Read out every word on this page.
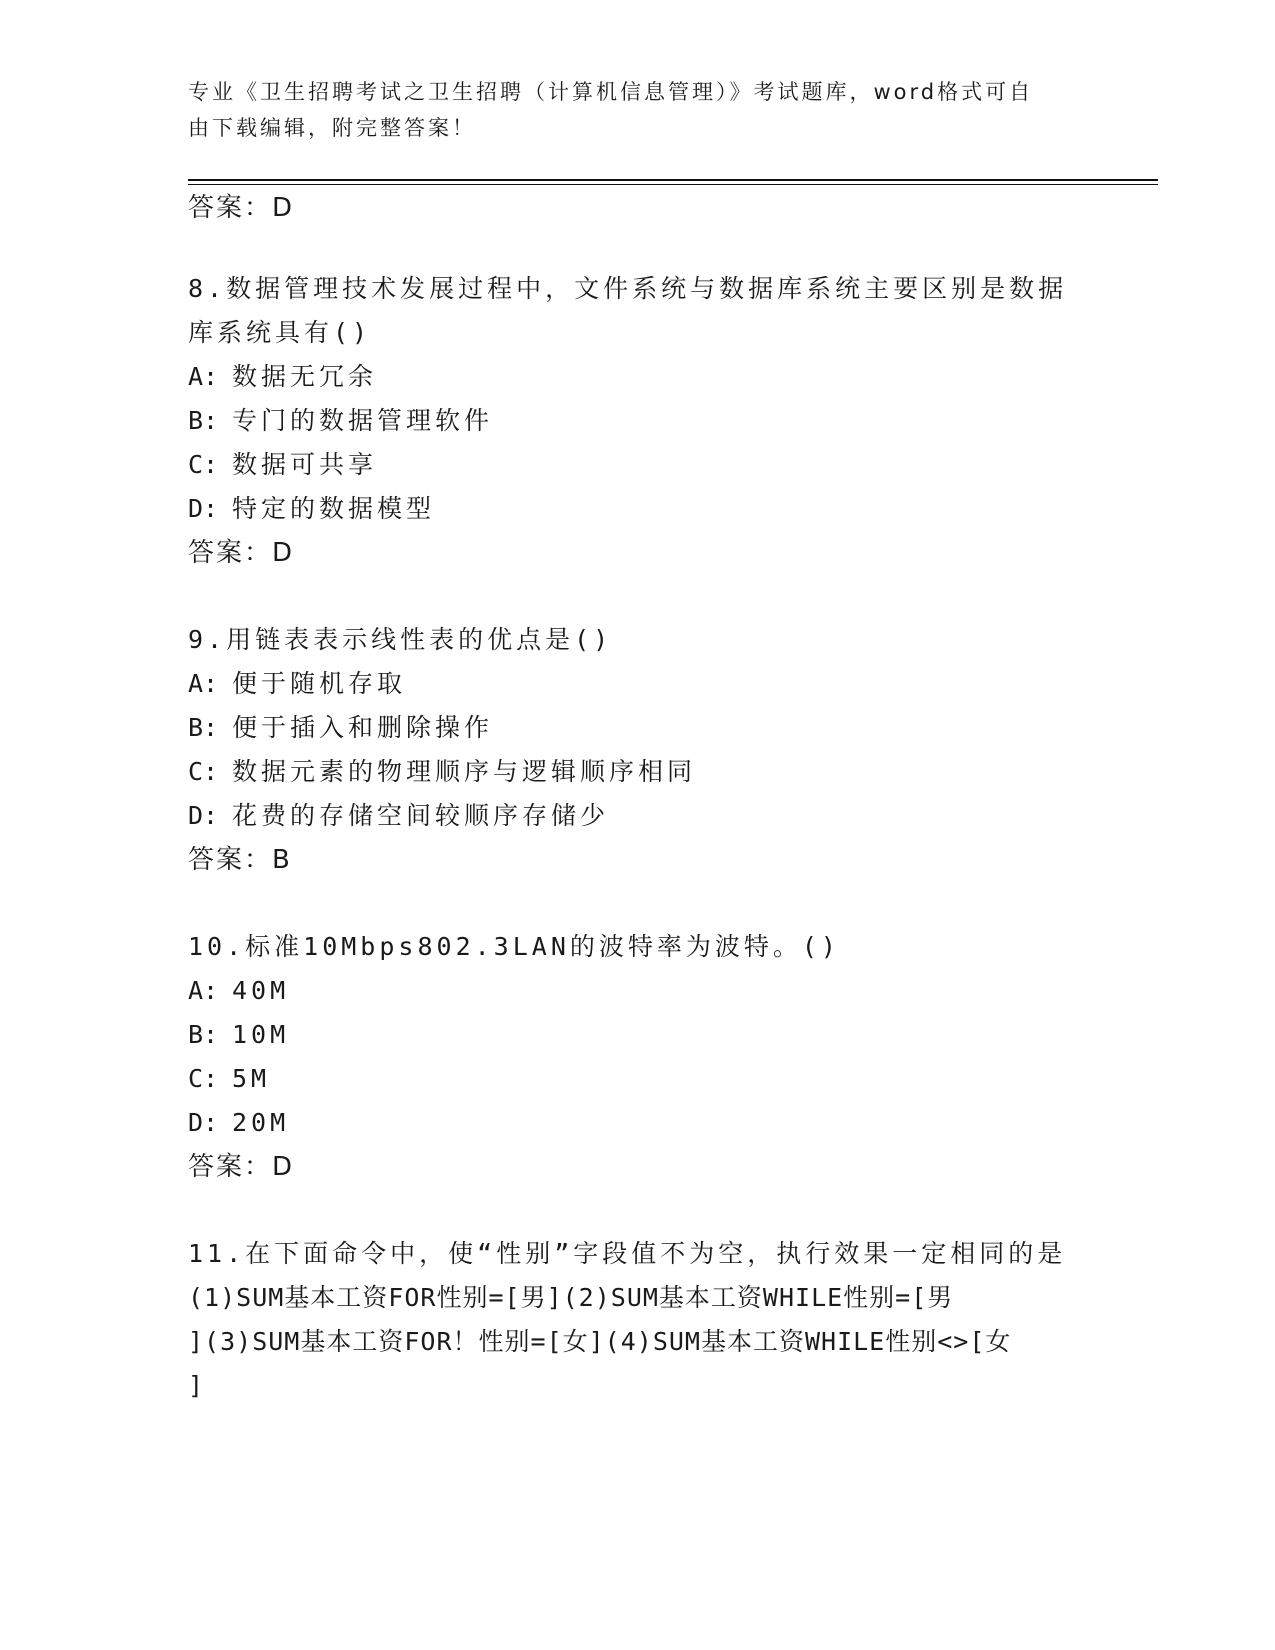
专业《卫生招聘考试之卫生招聘（计算机信息管理）》考试题库，word格式可自
由下载编辑，附完整答案！
答案：D
8.数据管理技术发展过程中，文件系统与数据库系统主要区别是数据
库系统具有()
A: 数据无冗余
B: 专门的数据管理软件
C: 数据可共享
D: 特定的数据模型
答案：D
9.用链表表示线性表的优点是()
A: 便于随机存取
B: 便于插入和删除操作
C: 数据元素的物理顺序与逻辑顺序相同
D: 花费的存储空间较顺序存储少
答案：B
10.标准10Mbps802.3LAN的波特率为波特。()
A: 40M
B: 10M
C: 5M
D: 20M
答案：D
11.在下面命令中，使“性别”字段值不为空，执行效果一定相同的是
(1)SUM基本工资FOR性别=[男](2)SUM基本工资WHILE性别=[男
](3)SUM基本工资FOR！性别=[女](4)SUM基本工资WHILE性别<>[女
]
